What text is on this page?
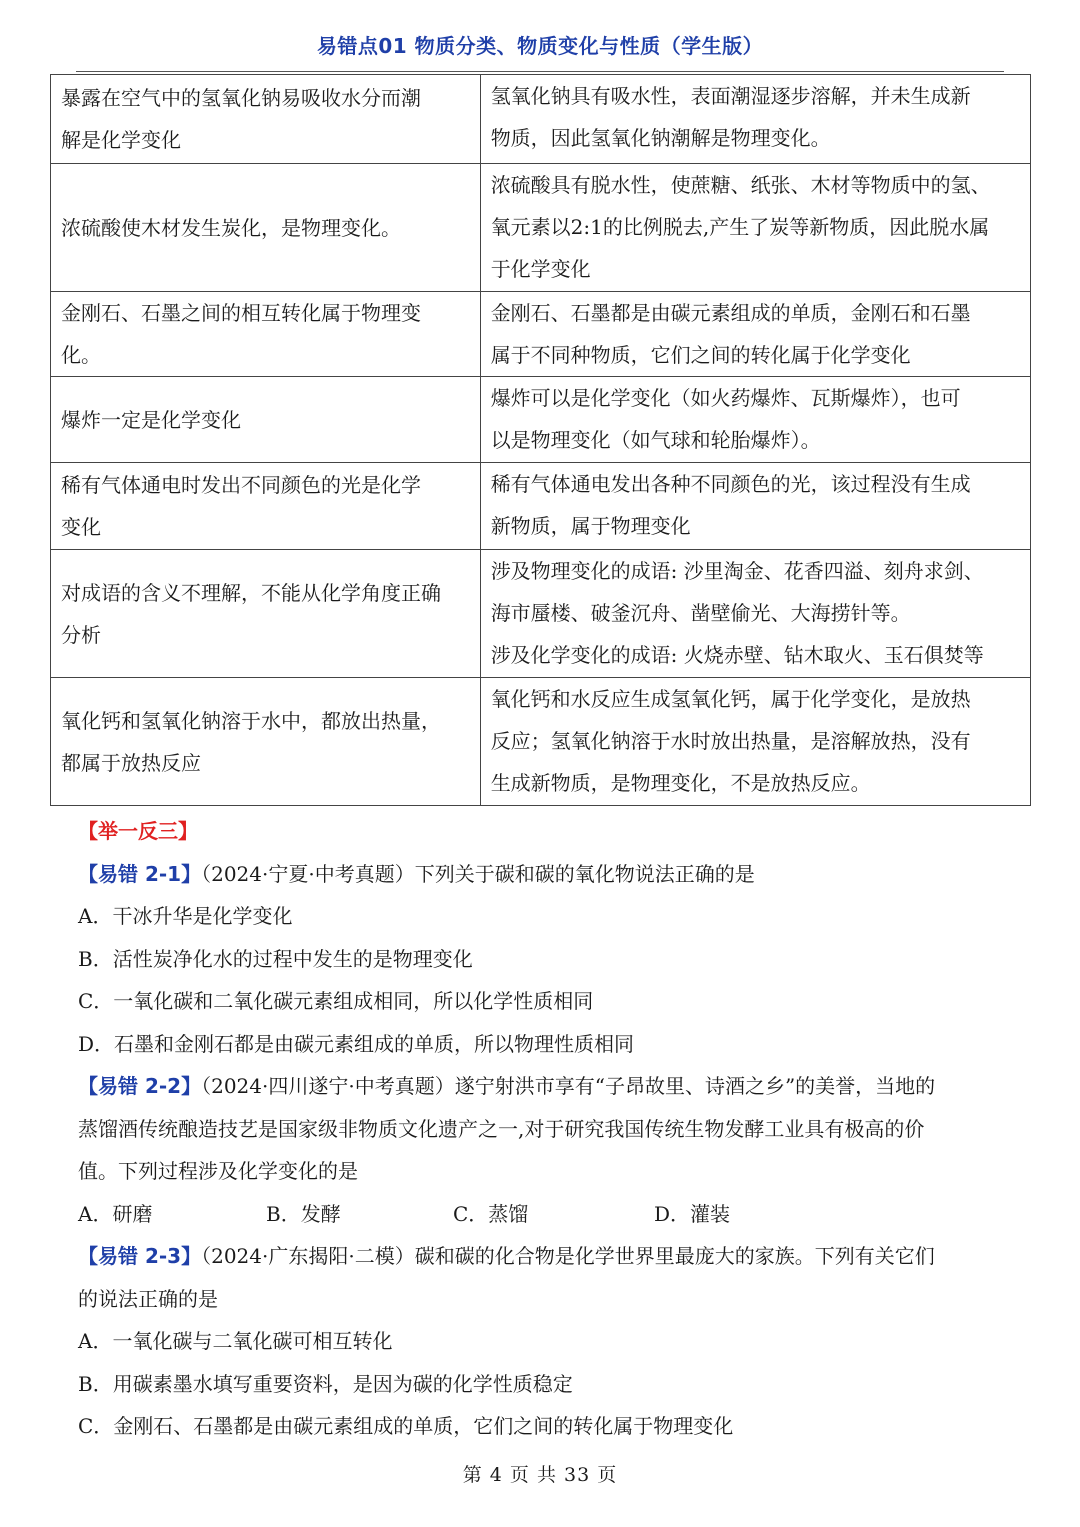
易错点01 物质分类、物质变化与性质（学生版）
暴露在空气中的氢氧化钠易吸收水分而潮
解是化学变化	氢氧化钠具有吸水性，表面潮湿逐步溶解，并未生成新
物质，因此氢氧化钠潮解是物理变化。

浓硫酸使木材发生炭化，是物理变化。	浓硫酸具有脱水性，使蔗糖、纸张、木材等物质中的氢、
氧元素以2:1的比例脱去,产生了炭等新物质，因此脱水属
于化学变化

金刚石、石墨之间的相互转化属于物理变
化。	金刚石、石墨都是由碳元素组成的单质，金刚石和石墨
属于不同种物质，它们之间的转化属于化学变化

爆炸一定是化学变化	爆炸可以是化学变化（如火药爆炸、瓦斯爆炸），也可
以是物理变化（如气球和轮胎爆炸）。

稀有气体通电时发出不同颜色的光是化学
变化	稀有气体通电发出各种不同颜色的光，该过程没有生成
新物质，属于物理变化

对成语的含义不理解，不能从化学角度正确
分析	涉及物理变化的成语: 沙里淘金、花香四溢、刻舟求剑、
海市蜃楼、破釜沉舟、凿壁偷光、大海捞针等。
涉及化学变化的成语: 火烧赤壁、钻木取火、玉石俱焚等

氧化钙和氢氧化钠溶于水中，都放出热量，
都属于放热反应	氧化钙和水反应生成氢氧化钙，属于化学变化，是放热
反应；氢氧化钠溶于水时放出热量，是溶解放热，没有
生成新物质，是物理变化，不是放热反应。
【举一反三】
【易错 2-1】（2024·宁夏·中考真题）下列关于碳和碳的氧化物说法正确的是
A．干冰升华是化学变化
B．活性炭净化水的过程中发生的是物理变化
C．一氧化碳和二氧化碳元素组成相同，所以化学性质相同
D．石墨和金刚石都是由碳元素组成的单质，所以物理性质相同
【易错 2-2】（2024·四川遂宁·中考真题）遂宁射洪市享有“子昂故里、诗酒之乡”的美誉，当地的
蒸馏酒传统酿造技艺是国家级非物质文化遗产之一,对于研究我国传统生物发酵工业具有极高的价
值。下列过程涉及化学变化的是
A．研磨	B．发酵	C．蒸馏	D．灌装
【易错 2-3】（2024·广东揭阳·二模）碳和碳的化合物是化学世界里最庞大的家族。下列有关它们
的说法正确的是
A．一氧化碳与二氧化碳可相互转化
B．用碳素墨水填写重要资料，是因为碳的化学性质稳定
C．金刚石、石墨都是由碳元素组成的单质，它们之间的转化属于物理变化
第 4 页 共 33 页
